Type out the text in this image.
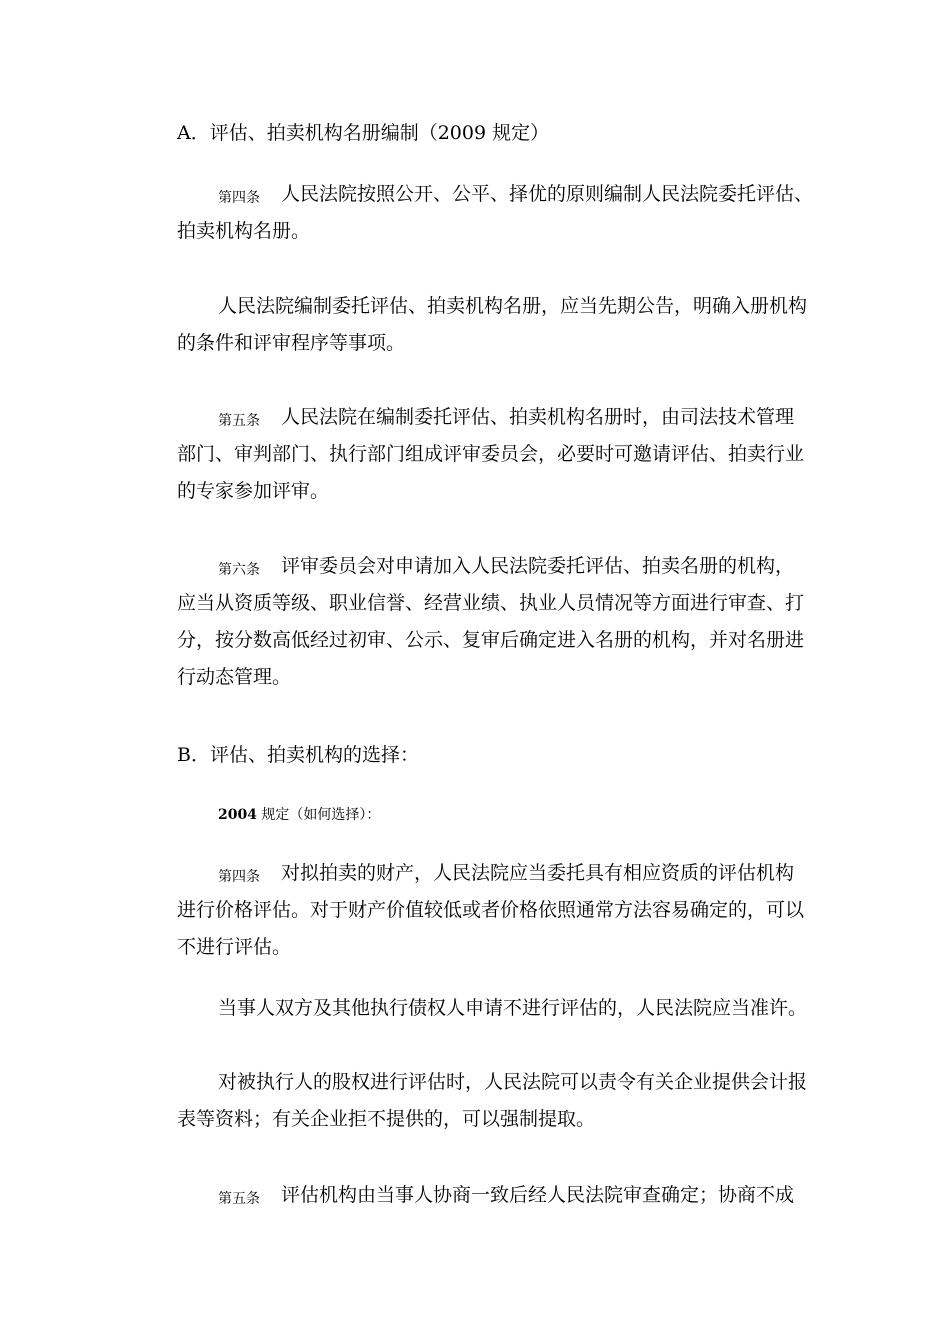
A．评估、拍卖机构名册编制（2009 规定）

第四条 人民法院按照公开、公平、择优的原则编制人民法院委托评估、

拍卖机构名册。

人民法院编制委托评估、拍卖机构名册，应当先期公告，明确入册机构

的条件和评审程序等事项。

第五条 人民法院在编制委托评估、拍卖机构名册时，由司法技术管理

部门、审判部门、执行部门组成评审委员会，必要时可邀请评估、拍卖行业

的专家参加评审。

第六条 评审委员会对申请加入人民法院委托评估、拍卖名册的机构，

应当从资质等级、职业信誉、经营业绩、执业人员情况等方面进行审查、打

分，按分数高低经过初审、公示、复审后确定进入名册的机构，并对名册进

行动态管理。

B．评估、拍卖机构的选择：

2004 规定（如何选择）：

第四条 对拟拍卖的财产，人民法院应当委托具有相应资质的评估机构

进行价格评估。对于财产价值较低或者价格依照通常方法容易确定的，可以

不进行评估。

当事人双方及其他执行债权人申请不进行评估的，人民法院应当准许。

对被执行人的股权进行评估时，人民法院可以责令有关企业提供会计报

表等资料；有关企业拒不提供的，可以强制提取。

第五条 评估机构由当事人协商一致后经人民法院审查确定；协商不成
